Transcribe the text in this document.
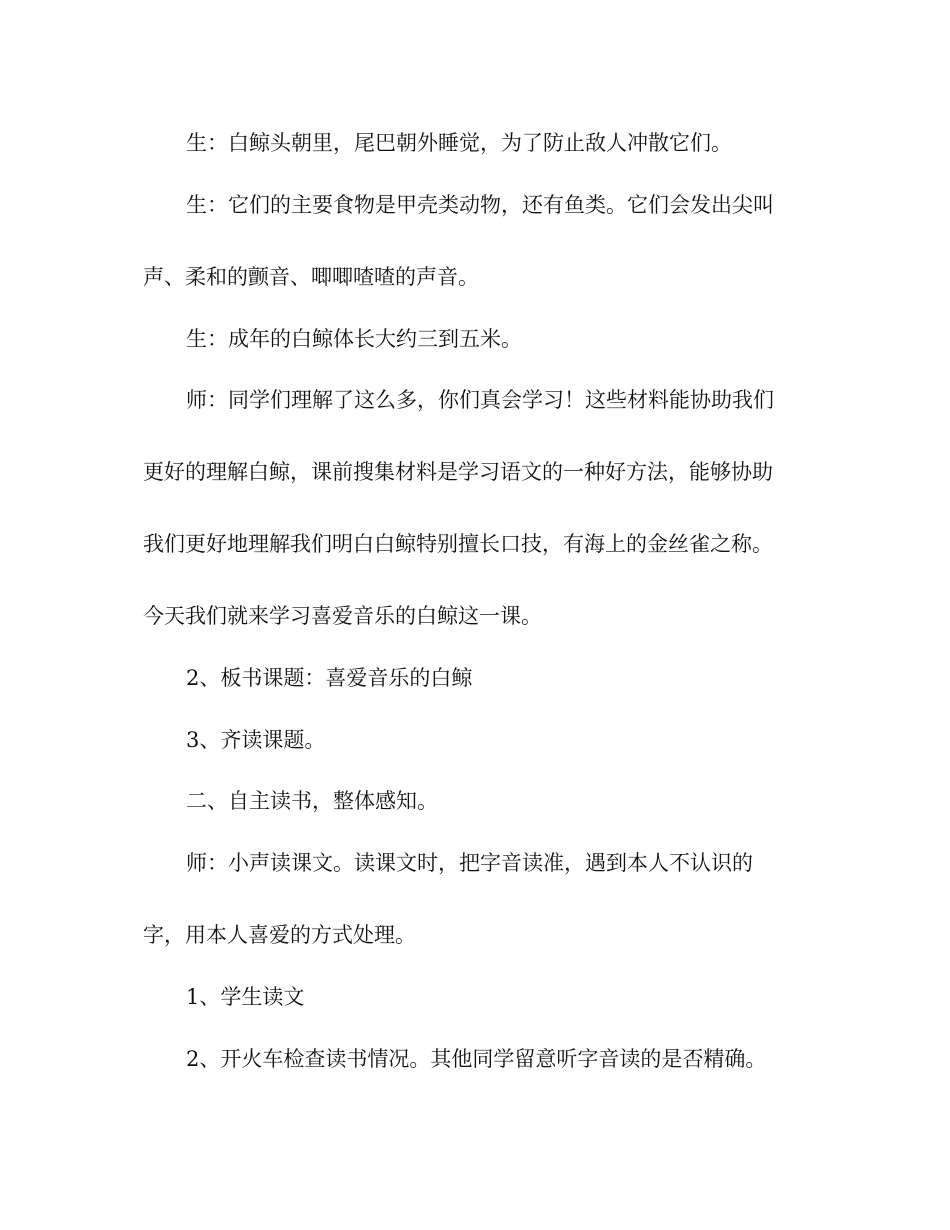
生：白鲸头朝里，尾巴朝外睡觉，为了防止敌人冲散它们。
生：它们的主要食物是甲壳类动物，还有鱼类。它们会发出尖叫
声、柔和的颤音、唧唧喳喳的声音。
生：成年的白鲸体长大约三到五米。
师：同学们理解了这么多，你们真会学习！这些材料能协助我们
更好的理解白鲸，课前搜集材料是学习语文的一种好方法，能够协助
我们更好地理解我们明白白鲸特别擅长口技，有海上的金丝雀之称。
今天我们就来学习喜爱音乐的白鲸这一课。
2、板书课题：喜爱音乐的白鲸
3、齐读课题。
二、自主读书，整体感知。
师：小声读课文。读课文时，把字音读准，遇到本人不认识的
字，用本人喜爱的方式处理。
1、学生读文
2、开火车检查读书情况。其他同学留意听字音读的是否精确。
